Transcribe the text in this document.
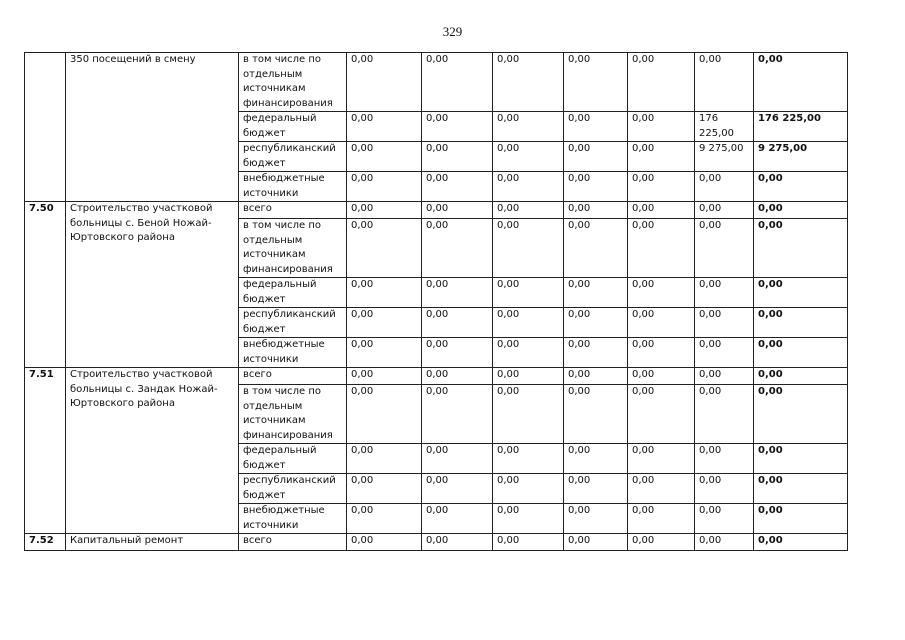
329
	350 посещений в смену	в том числе по отдельным источникам финансирования	0,00	0,00	0,00	0,00	0,00	0,00	0,00
		федеральный бюджет	0,00	0,00	0,00	0,00	0,00	176 225,00	176 225,00
		республиканский бюджет	0,00	0,00	0,00	0,00	0,00	9 275,00	9 275,00
		внебюджетные источники	0,00	0,00	0,00	0,00	0,00	0,00	0,00
7.50	Строительство участковой больницы с. Беной Ножай-Юртовского района	всего	0,00	0,00	0,00	0,00	0,00	0,00	0,00
		в том числе по отдельным источникам финансирования	0,00	0,00	0,00	0,00	0,00	0,00	0,00
		федеральный бюджет	0,00	0,00	0,00	0,00	0,00	0,00	0,00
		республиканский бюджет	0,00	0,00	0,00	0,00	0,00	0,00	0,00
		внебюджетные источники	0,00	0,00	0,00	0,00	0,00	0,00	0,00
7.51	Строительство участковой больницы с. Зандак Ножай-Юртовского района	всего	0,00	0,00	0,00	0,00	0,00	0,00	0,00
		в том числе по отдельным источникам финансирования	0,00	0,00	0,00	0,00	0,00	0,00	0,00
		федеральный бюджет	0,00	0,00	0,00	0,00	0,00	0,00	0,00
		республиканский бюджет	0,00	0,00	0,00	0,00	0,00	0,00	0,00
		внебюджетные источники	0,00	0,00	0,00	0,00	0,00	0,00	0,00
7.52	Капитальный ремонт	всего	0,00	0,00	0,00	0,00	0,00	0,00	0,00
